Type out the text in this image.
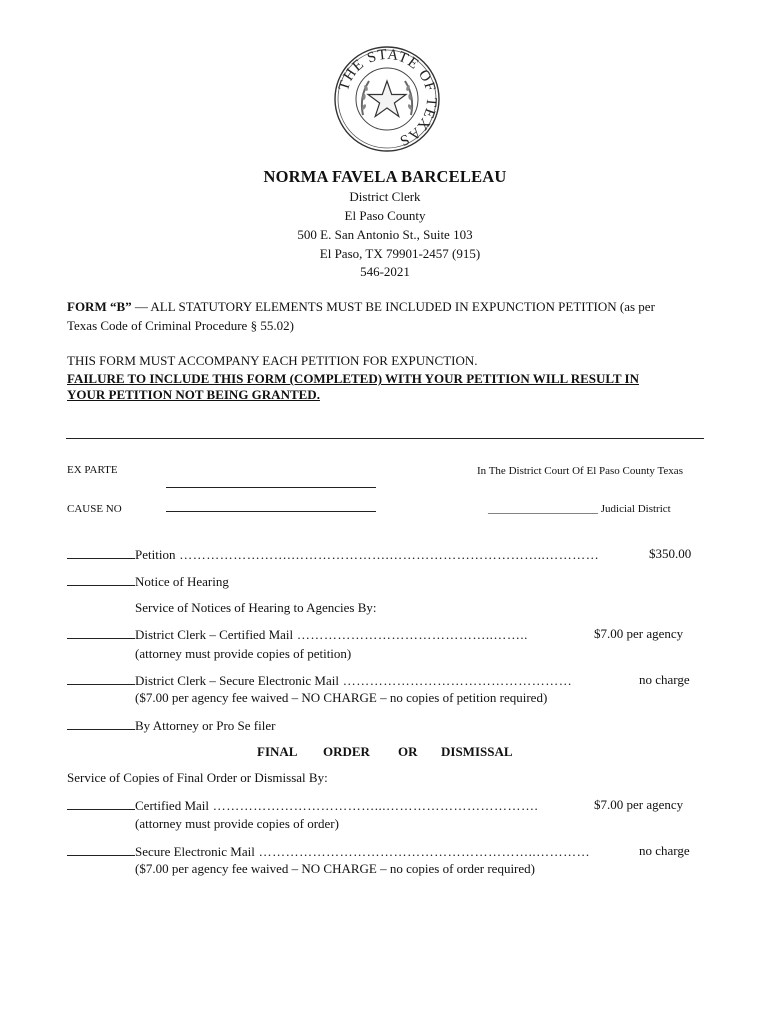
THE STATE OF TEXAS
NORMA FAVELA BARCELEAU
District Clerk
El Paso County
500 E. San Antonio St., Suite 103
El Paso, TX 79901-2457 (915)
546-2021
FORM “B” — ALL STATUTORY ELEMENTS MUST BE INCLUDED IN EXPUNCTION PETITION (as per
Texas Code of Criminal Procedure § 55.02)
THIS FORM MUST ACCOMPANY EACH PETITION FOR EXPUNCTION.
FAILURE TO INCLUDE THIS FORM (COMPLETED) WITH YOUR PETITION WILL RESULT IN
YOUR PETITION NOT BEING GRANTED.
EX PARTE	In The District Court Of El Paso County Texas
CAUSE NO	____________________ Judicial District
Petition …………………….………………….……………………………..…………	$350.00
Notice of Hearing
Service of Notices of Hearing to Agencies By:
District Clerk – Certified Mail ……………………………………..……..	$7.00 per agency
(attorney must provide copies of petition)
District Clerk – Secure Electronic Mail ……………………………………………	no charge
($7.00 per agency fee waived – NO CHARGE – no copies of petition required)
By Attorney or Pro Se filer
FINAL ORDER OR DISMISSAL
Service of Copies of Final Order or Dismissal By:
Certified Mail ………………………………...…………………………….	$7.00 per agency
(attorney must provide copies of order)
Secure Electronic Mail ……………………………………………………..…………	no charge
($7.00 per agency fee waived – NO CHARGE – no copies of order required)
